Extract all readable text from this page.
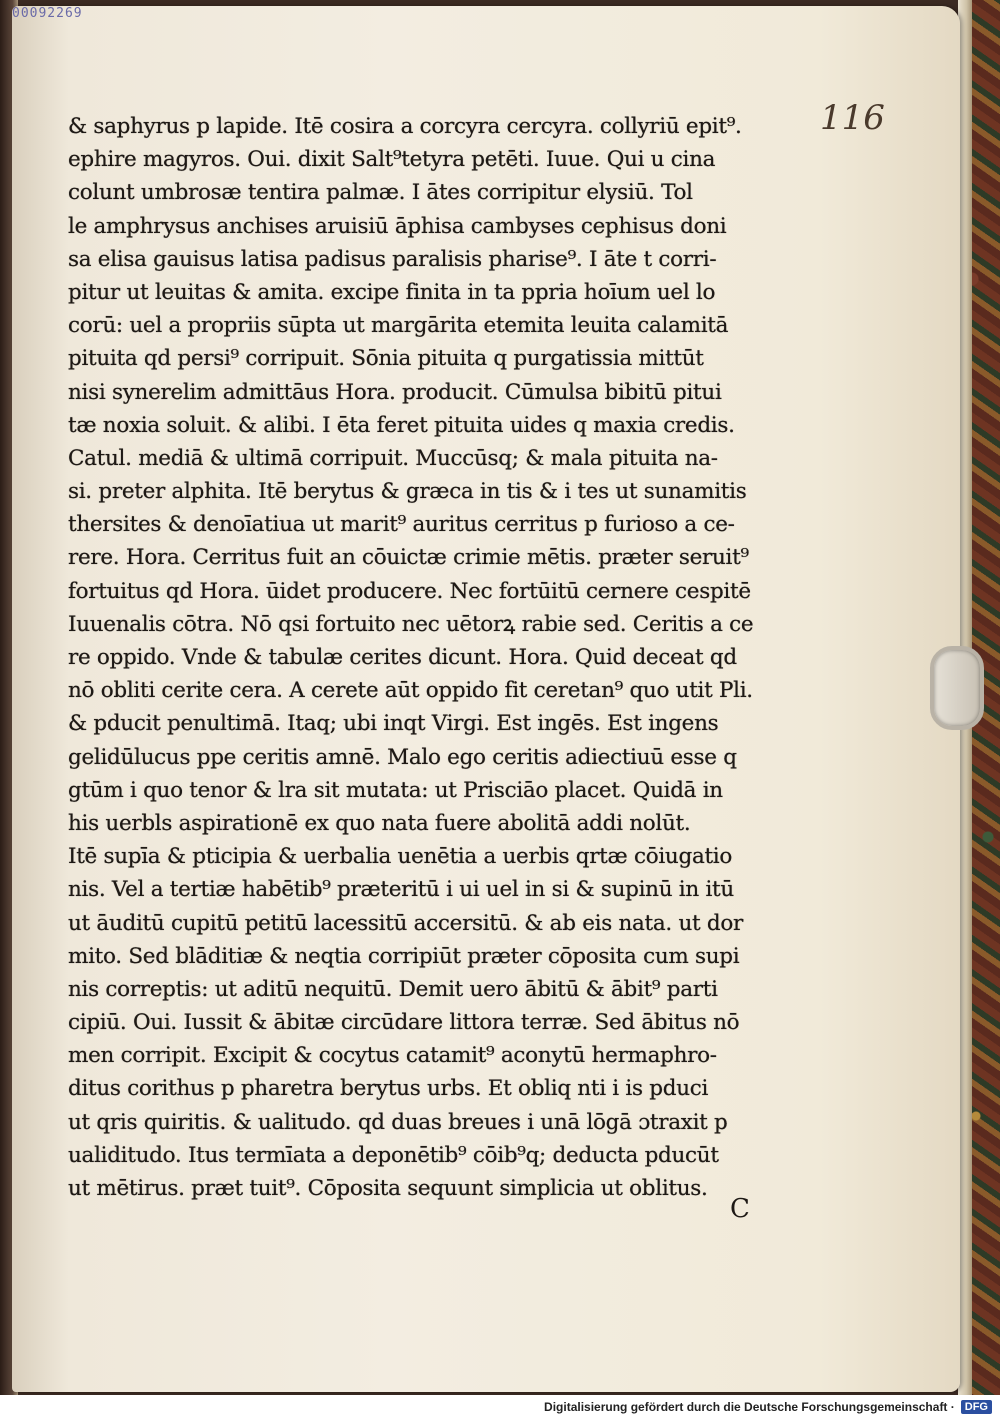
00092269
116
& saphyrus p lapide. Itē cosira a corcyra cercyra. collyriū epit⁹.
ephire magyros. Oui. dixit Salt⁹tetyra petēti. Iuue. Qui u cina
colunt umbrosæ tentira palmæ. I ātes corripitur elysiū. Tol
le amphrysus anchises aruisiū āphisa cambyses cephisus doni
sa elisa gauisus latisa padisus paralisis pharise⁹. I āte t corri-
pitur ut leuitas & amita. excipe finita in ta ppria hoīum uel lo
corū: uel a propriis sūpta ut margārita etemita leuita calamitā
pituita qd persi⁹ corripuit. Sōnia pituita q purgatissia mittūt
nisi synerelim admittāus Hora. producit. Cūmulsa bibitū pitui
tæ noxia soluit. & alibi. I ēta feret pituita uides q maxia credis.
Catul. mediā & ultimā corripuit. Muccūsq; & mala pituita na-
si. preter alphita. Itē berytus & græca in tis & i tes ut sunamitis
thersites & denoīatiua ut marit⁹ auritus cerritus p furioso a ce-
rere. Hora. Cerritus fuit an cōuictæ crimie mētis. præter seruit⁹
fortuitus qd Hora. ūidet producere. Nec fortūitū cernere cespitē
Iuuenalis cōtra. Nō qsi fortuito nec uētorꝝ rabie sed. Ceritis a ce
re oppido. Vnde & tabulæ cerites dicunt. Hora. Quid deceat qd
nō obliti cerite cera. A cerete aūt oppido fit ceretan⁹ quo utit Pli.
& pducit penultimā. Itaq; ubi inqt Virgi. Est ingēs. Est ingens
gelidūlucus ppe ceritis amnē. Malo ego ceritis adiectiuū esse q
gtūm i quo tenor & lra sit mutata: ut Prisciāo placet. Quidā in
his uerbls aspirationē ex quo nata fuere abolitā addi nolūt.
Itē supīa & pticipia & uerbalia uenētia a uerbis qrtæ cōiugatio
nis. Vel a tertiæ habētib⁹ præteritū i ui uel in si & supinū in itū
ut āuditū cupitū petitū lacessitū accersitū. & ab eis nata. ut dor
mito. Sed blāditiæ & neqtia corripiūt præter cōposita cum supi
nis correptis: ut aditū nequitū. Demit uero ābitū & ābit⁹ parti
cipiū. Oui. Iussit & ābitæ circūdare littora terræ. Sed ābitus nō
men corripit. Excipit & cocytus catamit⁹ aconytū hermaphro-
ditus corithus p pharetra berytus urbs. Et obliq nti i is pduci
ut qris quiritis. & ualitudo. qd duas breues i unā lōgā ɔtraxit p
ualiditudo. Itus termīata a deponētib⁹ cōib⁹q; deducta pducūt
ut mētirus. præt tuit⁹. Cōposita sequunt simplicia ut oblitus.
C
Digitalisierung gefördert durch die Deutsche Forschungsgemeinschaft · DFG
